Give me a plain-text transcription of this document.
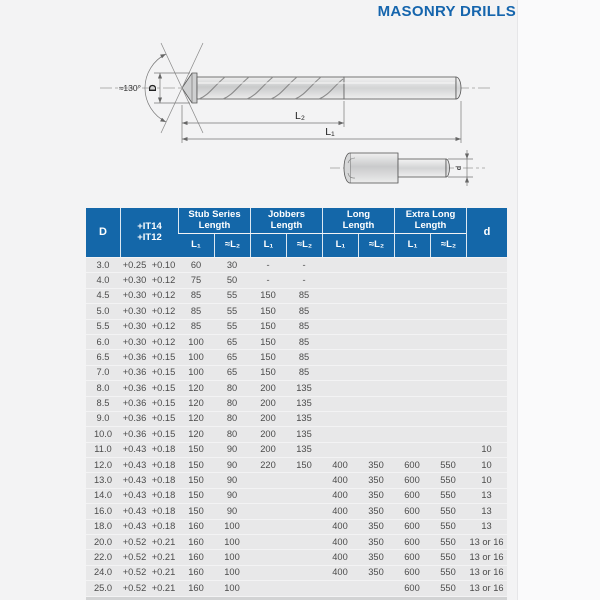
MASONRY DRILLS
≈130° D
L₂
L₁
d
D	
+IT14
+IT12

Stub Series
Length

Jobbers
Length

Long
Length

Extra Long
Length
	d
			L₁	≈L₂	L₁	≈L₂	L₁	≈L₂	L₁	≈L₂	
3.0	+0.25	+0.10	60	30	-	-					
4.0	+0.30	+0.12	75	50	-	-					
4.5	+0.30	+0.12	85	55	150	85					
5.0	+0.30	+0.12	85	55	150	85					
5.5	+0.30	+0.12	85	55	150	85					
6.0	+0.30	+0.12	100	65	150	85					
6.5	+0.36	+0.15	100	65	150	85					
7.0	+0.36	+0.15	100	65	150	85					
8.0	+0.36	+0.15	120	80	200	135					
8.5	+0.36	+0.15	120	80	200	135					
9.0	+0.36	+0.15	120	80	200	135					
10.0	+0.36	+0.15	120	80	200	135					
11.0	+0.43	+0.18	150	90	200	135					10
12.0	+0.43	+0.18	150	90	220	150	400	350	600	550	10
13.0	+0.43	+0.18	150	90			400	350	600	550	10
14.0	+0.43	+0.18	150	90			400	350	600	550	13
16.0	+0.43	+0.18	150	90			400	350	600	550	13
18.0	+0.43	+0.18	160	100			400	350	600	550	13
20.0	+0.52	+0.21	160	100			400	350	600	550	13 or 16
22.0	+0.52	+0.21	160	100			400	350	600	550	13 or 16
24.0	+0.52	+0.21	160	100			400	350	600	550	13 or 16
25.0	+0.52	+0.21	160	100					600	550	13 or 16
